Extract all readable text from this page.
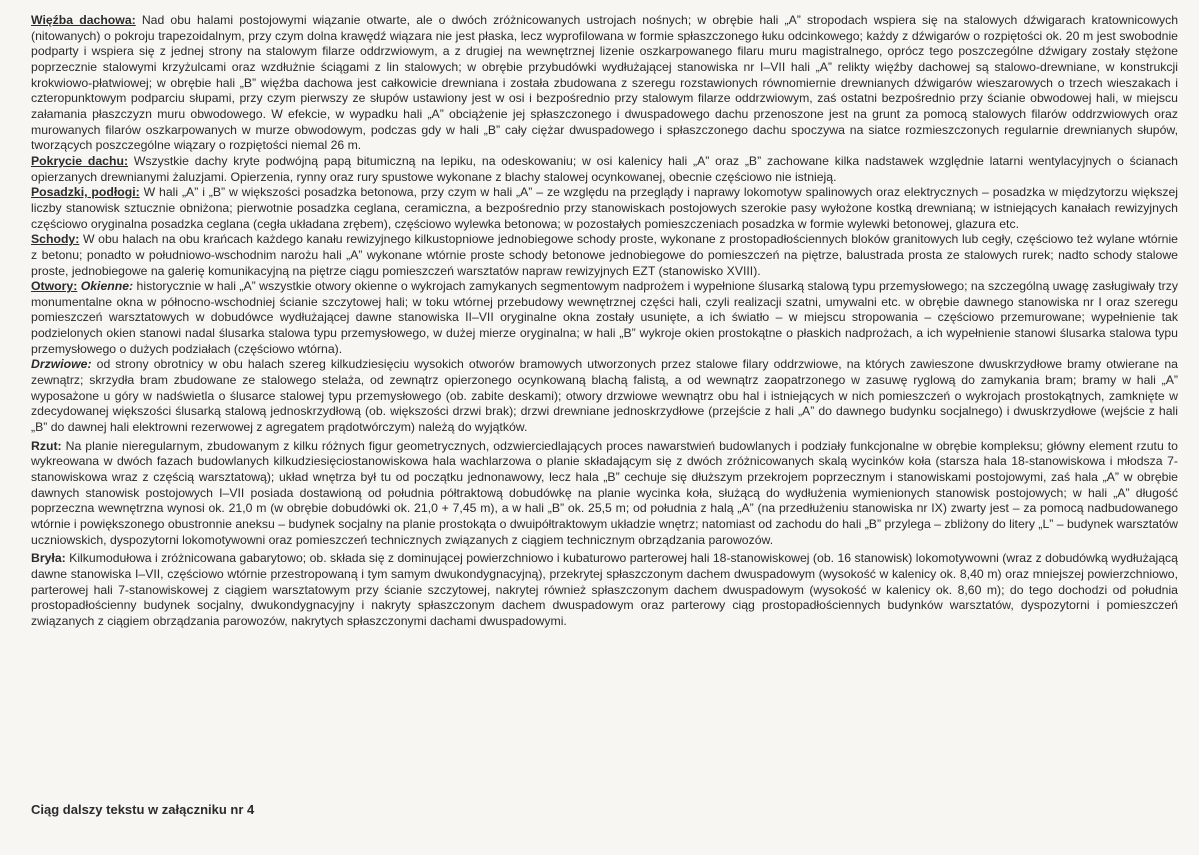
Więźba dachowa: Nad obu halami postojowymi wiązanie otwarte, ale o dwóch zróżnicowanych ustrojach nośnych; w obrębie hali „A” stropodach wspiera się na stalowych dźwigarach kratownicowych (nitowanych) o pokroju trapezoidalnym, przy czym dolna krawędź wiązara nie jest płaska, lecz wyprofilowana w formie spłaszczonego łuku odcinkowego; każdy z dźwigarów o rozpiętości ok. 20 m jest swobodnie podparty i wspiera się z jednej strony na stalowym filarze oddrzwiowym, a z drugiej na wewnętrznej lizenie oszkarpowanego filaru muru magistralnego, oprócz tego poszczególne dźwigary zostały stężone poprzecznie stalowymi krzyżulcami oraz wzdłużnie ściągami z lin stalowych; w obrębie przybudówki wydłużającej stanowiska nr I–VII hali „A” relikty więźby dachowej są stalowo-drewniane, w konstrukcji krokwiowo-płatwiowej; w obrębie hali „B” więźba dachowa jest całkowicie drewniana i została zbudowana z szeregu rozstawionych równomiernie drewnianych dźwigarów wieszarowych o trzech wieszakach i czteropunktowym podparciu słupami, przy czym pierwszy ze słupów ustawiony jest w osi i bezpośrednio przy stalowym filarze oddrzwiowym, zaś ostatni bezpośrednio przy ścianie obwodowej hali, w miejscu załamania płaszczyzn muru obwodowego. W efekcie, w wypadku hali „A” obciążenie jej spłaszczonego i dwuspadowego dachu przenoszone jest na grunt za pomocą stalowych filarów oddrzwiowych oraz murowanych filarów oszkarpowanych w murze obwodowym, podczas gdy w hali „B” cały ciężar dwuspadowego i spłaszczonego dachu spoczywa na siatce rozmieszczonych regularnie drewnianych słupów, tworzących poszczególne wiązary o rozpiętości niemal 26 m.

Pokrycie dachu: Wszystkie dachy kryte podwójną papą bitumiczną na lepiku, na odeskowaniu; w osi kalenicy hali „A” oraz „B” zachowane kilka nadstawek względnie latarni wentylacyjnych o ścianach opierzanych drewnianymi żaluzjami. Opierzenia, rynny oraz rury spustowe wykonane z blachy stalowej ocynkowanej, obecnie częściowo nie istnieją.

Posadzki, podłogi: W hali „A” i „B” w większości posadzka betonowa, przy czym w hali „A” – ze względu na przeglądy i naprawy lokomotyw spalinowych oraz elektrycznych – posadzka w międzytorzu większej liczby stanowisk sztucznie obniżona; pierwotnie posadzka ceglana, ceramiczna, a bezpośrednio przy stanowiskach postojowych szerokie pasy wyłożone kostką drewnianą; w istniejących kanałach rewizyjnych częściowo oryginalna posadzka ceglana (cegła układana zrębem), częściowo wylewka betonowa; w pozostałych pomieszczeniach posadzka w formie wylewki betonowej, glazura etc.

Schody: W obu halach na obu krańcach każdego kanału rewizyjnego kilkustopniowe jednobiegowe schody proste, wykonane z prostopadłościennych bloków granitowych lub cegły, częściowo też wylane wtórnie z betonu; ponadto w południowo-wschodnim narożu hali „A” wykonane wtórnie proste schody betonowe jednobiegowe do pomieszczeń na piętrze, balustrada prosta ze stalowych rurek; nadto schody stalowe proste, jednobiegowe na galerię komunikacyjną na piętrze ciągu pomieszczeń warsztatów napraw rewizyjnych EZT (stanowisko XVIII).

Otwory: Okienne: historycznie w hali „A” wszystkie otwory okienne o wykrojach zamykanych segmentowym nadprożem i wypełnione ślusarką stalową typu przemysłowego; na szczególną uwagę zasługiwały trzy monumentalne okna w północno-wschodniej ścianie szczytowej hali; w toku wtórnej przebudowy wewnętrznej części hali, czyli realizacji szatni, umywalni etc. w obrębie dawnego stanowiska nr I oraz szeregu pomieszczeń warsztatowych w dobudówce wydłużającej dawne stanowiska II–VII oryginalne okna zostały usunięte, a ich światło – w miejscu stropowania – częściowo przemurowane; wypełnienie tak podzielonych okien stanowi nadal ślusarka stalowa typu przemysłowego, w dużej mierze oryginalna; w hali „B” wykroje okien prostokątne o płaskich nadprożach, a ich wypełnienie stanowi ślusarka stalowa typu przemysłowego o dużych podziałach (częściowo wtórna).

Drzwiowe: od strony obrotnicy w obu halach szereg kilkudziesięciu wysokich otworów bramowych utworzonych przez stalowe filary oddrzwiowe, na których zawieszone dwuskrzydłowe bramy otwierane na zewnątrz; skrzydła bram zbudowane ze stalowego stelaża, od zewnątrz opierzonego ocynkowaną blachą falistą, a od wewnątrz zaopatrzonego w zasuwę ryglową do zamykania bram; bramy w hali „A” wyposażone u góry w nadświetla o ślusarce stalowej typu przemysłowego (ob. zabite deskami); otwory drzwiowe wewnątrz obu hal i istniejących w nich pomieszczeń o wykrojach prostokątnych, zamknięte w zdecydowanej większości ślusarką stalową jednoskrzydłową (ob. większości drzwi brak); drzwi drewniane jednoskrzydłowe (przejście z hali „A” do dawnego budynku socjalnego) i dwuskrzydłowe (wejście z hali „B” do dawnej hali elektrowni rezerwowej z agregatem prądotwórczym) należą do wyjątków.

Rzut: Na planie nieregularnym, zbudowanym z kilku różnych figur geometrycznych, odzwierciedlających proces nawarstwień budowlanych i podziały funkcjonalne w obrębie kompleksu; główny element rzutu to wykreowana w dwóch fazach budowlanych kilkudziesięciostanowiskowa hala wachlarzowa o planie składającym się z dwóch zróżnicowanych skalą wycinków koła (starsza hala 18-stanowiskowa i młodsza 7-stanowiskowa wraz z częścią warsztatową); układ wnętrza był tu od początku jednonawowy, lecz hala „B” cechuje się dłuższym przekrojem poprzecznym i stanowiskami postojowymi, zaś hala „A” w obrębie dawnych stanowisk postojowych I–VII posiada dostawioną od południa półtraktową dobudówkę na planie wycinka koła, służącą do wydłużenia wymienionych stanowisk postojowych; w hali „A” długość poprzeczna wewnętrzna wynosi ok. 21,0 m (w obrębie dobudówki ok. 21,0 + 7,45 m), a w hali „B” ok. 25,5 m; od południa z halą „A” (na przedłużeniu stanowiska nr IX) zwarty jest – za pomocą nadbudowanego wtórnie i powiększonego obustronnie aneksu – budynek socjalny na planie prostokąta o dwuipółtraktowym układzie wnętrz; natomiast od zachodu do hali „B” przylega – zbliżony do litery „L” – budynek warsztatów uczniowskich, dyspozytorni lokomotywowni oraz pomieszczeń technicznych związanych z ciągiem technicznym obrządzania parowozów.

Bryła: Kilkumodułowa i zróżnicowana gabarytowo; ob. składa się z dominującej powierzchniowo i kubaturowo parterowej hali 18-stanowiskowej (ob. 16 stanowisk) lokomotywowni (wraz z dobudówką wydłużającą dawne stanowiska I–VII, częściowo wtórnie przestropowaną i tym samym dwukondygnacyjną), przekrytej spłaszczonym dachem dwuspadowym (wysokość w kalenicy ok. 8,40 m) oraz mniejszej powierzchniowo, parterowej hali 7-stanowiskowej z ciągiem warsztatowym przy ścianie szczytowej, nakrytej również spłaszczonym dachem dwuspadowym (wysokość w kalenicy ok. 8,60 m); do tego dochodzi od południa prostopadłościenny budynek socjalny, dwukondygnacyjny i nakryty spłaszczonym dachem dwuspadowym oraz parterowy ciąg prostopadłościennych budynków warsztatów, dyspozytorni i pomieszczeń związanych z ciągiem obrządzania parowozów, nakrytych spłaszczonymi dachami dwuspadowymi.

Ciąg dalszy tekstu w załączniku nr 4
